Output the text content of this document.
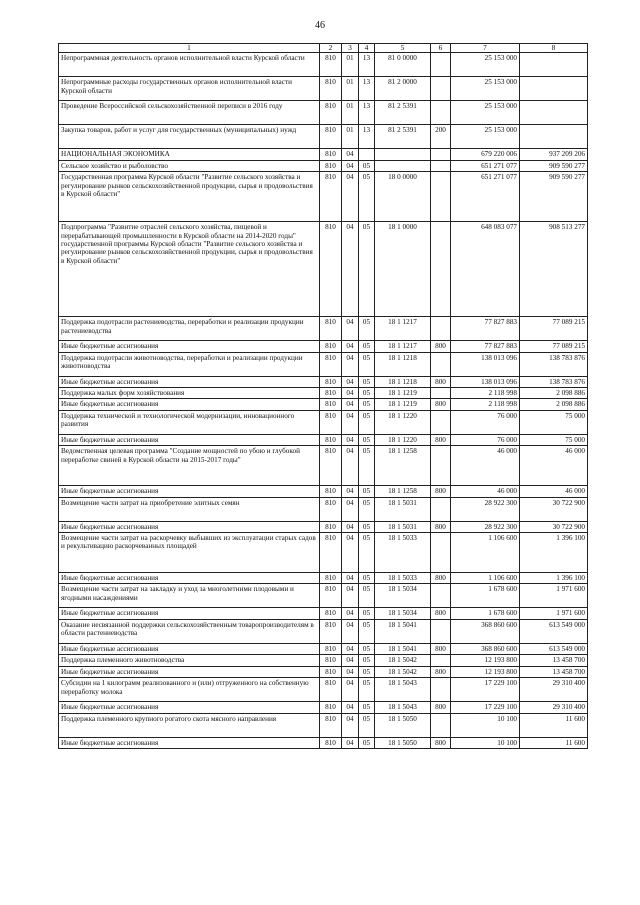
46
1	2	3	4	5	6	7	8
Непрограммная деятельность органов исполнительной власти Курской области	810	01	13	81 0 0000		25 153 000	
Непрограммные расходы государственных органов исполнительной власти Курской области	810	01	13	81 2 0000		25 153 000	
Проведение Всероссийской сельскохозяйственной переписи в 2016 году	810	01	13	81 2 5391		25 153 000	
Закупка товаров, работ и услуг для государственных (муниципальных) нужд	810	01	13	81 2 5391	200	25 153 000	
НАЦИОНАЛЬНАЯ ЭКОНОМИКА	810	04				679 220 006	937 209 206
Сельское хозяйство и рыболовство	810	04	05			651 271 077	909 590 277
Государственная программа Курской области "Развитие сельского хозяйства и регулирование рынков сельскохозяйственной продукции, сырья и продовольствия в Курской области"	810	04	05	18 0 0000		651 271 077	909 590 277
Подпрограмма "Развитие отраслей сельского хозяйства, пищевой и перерабатывающей промышленности в Курской области на 2014-2020 годы" государственной программы Курской области "Развитие сельского хозяйства и регулирование рынков сельскохозяйственной продукции, сырья и продовольствия в Курской области"	810	04	05	18 1 0000		648 083 077	908 513 277
Поддержка подотрасли растениеводства, переработки и реализации продукции растениеводства	810	04	05	18 1 1217		77 827 883	77 089 215
Иные бюджетные ассигнования	810	04	05	18 1 1217	800	77 827 883	77 089 215
Поддержка подотрасли животноводства, переработки и реализации продукции животноводства	810	04	05	18 1 1218		138 013 096	138 783 876
Иные бюджетные ассигнования	810	04	05	18 1 1218	800	138 013 096	138 783 876
Поддержка малых форм хозяйствования	810	04	05	18 1 1219		2 118 998	2 098 886
Иные бюджетные ассигнования	810	04	05	18 1 1219	800	2 118 998	2 098 886
Поддержка технической и технологической модернизации, инновационного развития	810	04	05	18 1 1220		76 000	75 000
Иные бюджетные ассигнования	810	04	05	18 1 1220	800	76 000	75 000
Ведомственная целевая программа "Создание мощностей по убою и глубокой переработке свиней в Курской области на 2015-2017 годы"	810	04	05	18 1 1258		46 000	46 000
Иные бюджетные ассигнования	810	04	05	18 1 1258	800	46 000	46 000
Возмещение части затрат на приобретение элитных семян	810	04	05	18 1 5031		28 922 300	30 722 900
Иные бюджетные ассигнования	810	04	05	18 1 5031	800	28 922 300	30 722 900
Возмещение части затрат на раскорчевку выбывших из эксплуатации старых садов и рекультивацию раскорчеванных площадей	810	04	05	18 1 5033		1 106 600	1 396 100
Иные бюджетные ассигнования	810	04	05	18 1 5033	800	1 106 600	1 396 100
Возмещение части затрат на закладку и уход за многолетними плодовыми и ягодными насаждениями	810	04	05	18 1 5034		1 678 600	1 971 600
Иные бюджетные ассигнования	810	04	05	18 1 5034	800	1 678 600	1 971 600
Оказание несвязанной поддержки сельскохозяйственным товаропроизводителям в области растениеводства	810	04	05	18 1 5041		368 860 600	613 549 000
Иные бюджетные ассигнования	810	04	05	18 1 5041	800	368 860 600	613 549 000
Поддержка племенного животноводства	810	04	05	18 1 5042		12 193 800	13 458 700
Иные бюджетные ассигнования	810	04	05	18 1 5042	800	12 193 800	13 458 700
Субсидии на 1 килограмм реализованного и (или) отгруженного на собственную переработку молока	810	04	05	18 1 5043		17 229 100	29 310 400
Иные бюджетные ассигнования	810	04	05	18 1 5043	800	17 229 100	29 310 400
Поддержка племенного крупного рогатого скота мясного направления	810	04	05	18 1 5050		10 100	11 600
Иные бюджетные ассигнования	810	04	05	18 1 5050	800	10 100	11 600
